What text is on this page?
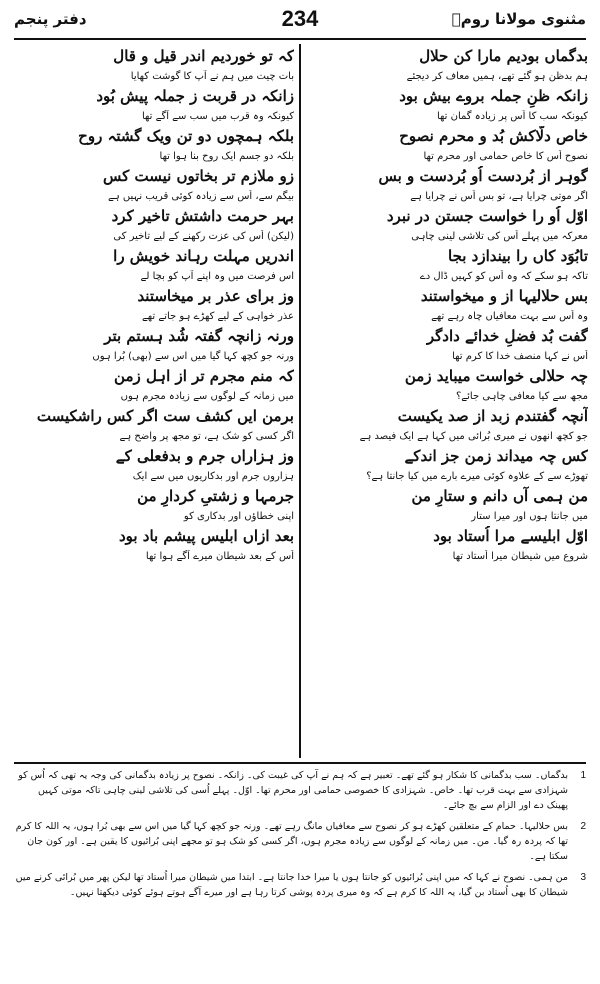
مثنوی مولانا رومؒ
234
دفتر پنجم
بدگماں بودیم مارا کن حلال
ہم بدظن ہو گئے تھے، ہمیں معاف کر دیجئے
زانکہ ظنِ جملہ بروے بیش بود
کیونکہ سب کا اُس پر زیادہ گمان تھا
خاص دلّاکش بُد و محرم نصوح
نصوح اُس کا خاص حمامی اور محرم تھا
گوہر از بُردست اُو بُردست و بس
اگر موتی چرایا ہے، تو بس اُس نے چرایا ہے
اوّل اُو را خواست جستن در نبرد
معرکہ میں پہلے اُس کی تلاشی لینی چاہی
تابُوَد کاں را بیندازد بجا
تاکہ ہو سکے کہ وہ اُس کو کہیں ڈال دے
بس حلالیہا از و میخواستند
وہ اُس سے بہت معافیاں چاہ رہے تھے
گفت بُد فضلِ خدائے دادگر
اُس نے کہا منصف خدا کا کرم تھا
چہ حلالی خواست میباید زمن
مجھ سے کیا معافی چاہی جائے؟
آنچہ گفتندم زبد از صد یکیست
جو کچھ انھوں نے میری بُرائی میں کہا ہے ایک فیصد ہے
کس چہ میداند زمن جز اندکے
تھوڑے سے کے علاوہ کوئی میرے بارے میں کیا جانتا ہے؟
من ہمی آں دانم و ستارِ من
میں جانتا ہوں اور میرا ستار
اوّل ابلیسے مرا اُستاد بود
شروع میں شیطان میرا اُستاد تھا
کہ تو خوردیم اندر قیل و قال
بات چیت میں ہم نے آپ کا گوشت کھایا
زانکہ در قربت ز جملہ پیش بُود
کیونکہ وہ قرب میں سب سے آگے تھا
بلکہ ہمچوں دو تن ویک گشتہ روح
بلکہ دو جسم ایک روح بنا ہوا تھا
زو ملازم تر بخاتوں نیست کس
بیگم سے، اُس سے زیادہ کوئی قریب نہیں ہے
بہر حرمت داشتش تاخیر کرد
(لیکن) اُس کی عزت رکھنے کے لیے تاخیر کی
اندریں مہلت رہاند خویش را
اس فرصت میں وہ اپنے آپ کو بچا لے
وز برای عذر بر میخاستند
عذر خواہی کے لیے کھڑے ہو جاتے تھے
ورنہ زانچہ گفتہ شُد ہستم بتر
ورنہ جو کچھ کہا گیا میں اس سے (بھی) بُرا ہوں
کہ منم مجرم تر از اہل زمن
میں زمانہ کے لوگوں سے زیادہ مجرم ہوں
برمن ایں کشف ست اگر کس راشکیست
اگر کسی کو شک ہے، تو مجھ پر واضح ہے
وز ہزاراں جرم و بدفعلی کے
ہزاروں جرم اور بدکاریوں میں سے ایک
جرمہا و زشتیِ کردارِ من
اپنی خطاؤں اور بدکاری کو
بعد ازاں ابلیس پیشم باد بود
اُس کے بعد شیطان میرے آگے ہوا تھا
1
بدگماں۔ سب بدگمانی کا شکار ہو گئے تھے۔ تعبیر ہے کہ ہم نے آپ کی غیبت کی۔ زانکہ۔ نصوح پر زیادہ بدگمانی کی وجہ یہ تھی کہ اُس کو شہزادی سے بہت قرب تھا۔ خاص۔ شہزادی کا خصوصی حمامی اور محرم تھا۔ اوّل۔ پہلے اُسی کی تلاشی لینی چاہی تاکہ موتی کہیں پھینک دے اور الزام سے بچ جائے۔
2
بس حلالیہا۔ حمام کے متعلقین کھڑے ہو کر نصوح سے معافیاں مانگ رہے تھے۔ ورنہ جو کچھ کہا گیا میں اس سے بھی بُرا ہوں، یہ اللہ کا کرم تھا کہ پردہ رہ گیا۔ من۔ میں زمانہ کے لوگوں سے زیادہ مجرم ہوں، اگر کسی کو شک ہو تو مجھے اپنی بُرائیوں کا یقین ہے۔ اور کون جان سکتا ہے۔
3
من ہمی۔ نصوح نے کہا کہ میں اپنی بُرائیوں کو جانتا ہوں یا میرا خدا جانتا ہے۔ ابتدا میں شیطان میرا اُستاد تھا لیکن پھر میں بُرائی کرنے میں شیطان کا بھی اُستاد بن گیا، یہ اللہ کا کرم ہے کہ وہ میری پردہ پوشی کرتا رہا ہے اور میرے آگے ہوتے ہوئے کوئی دیکھتا نہیں۔
